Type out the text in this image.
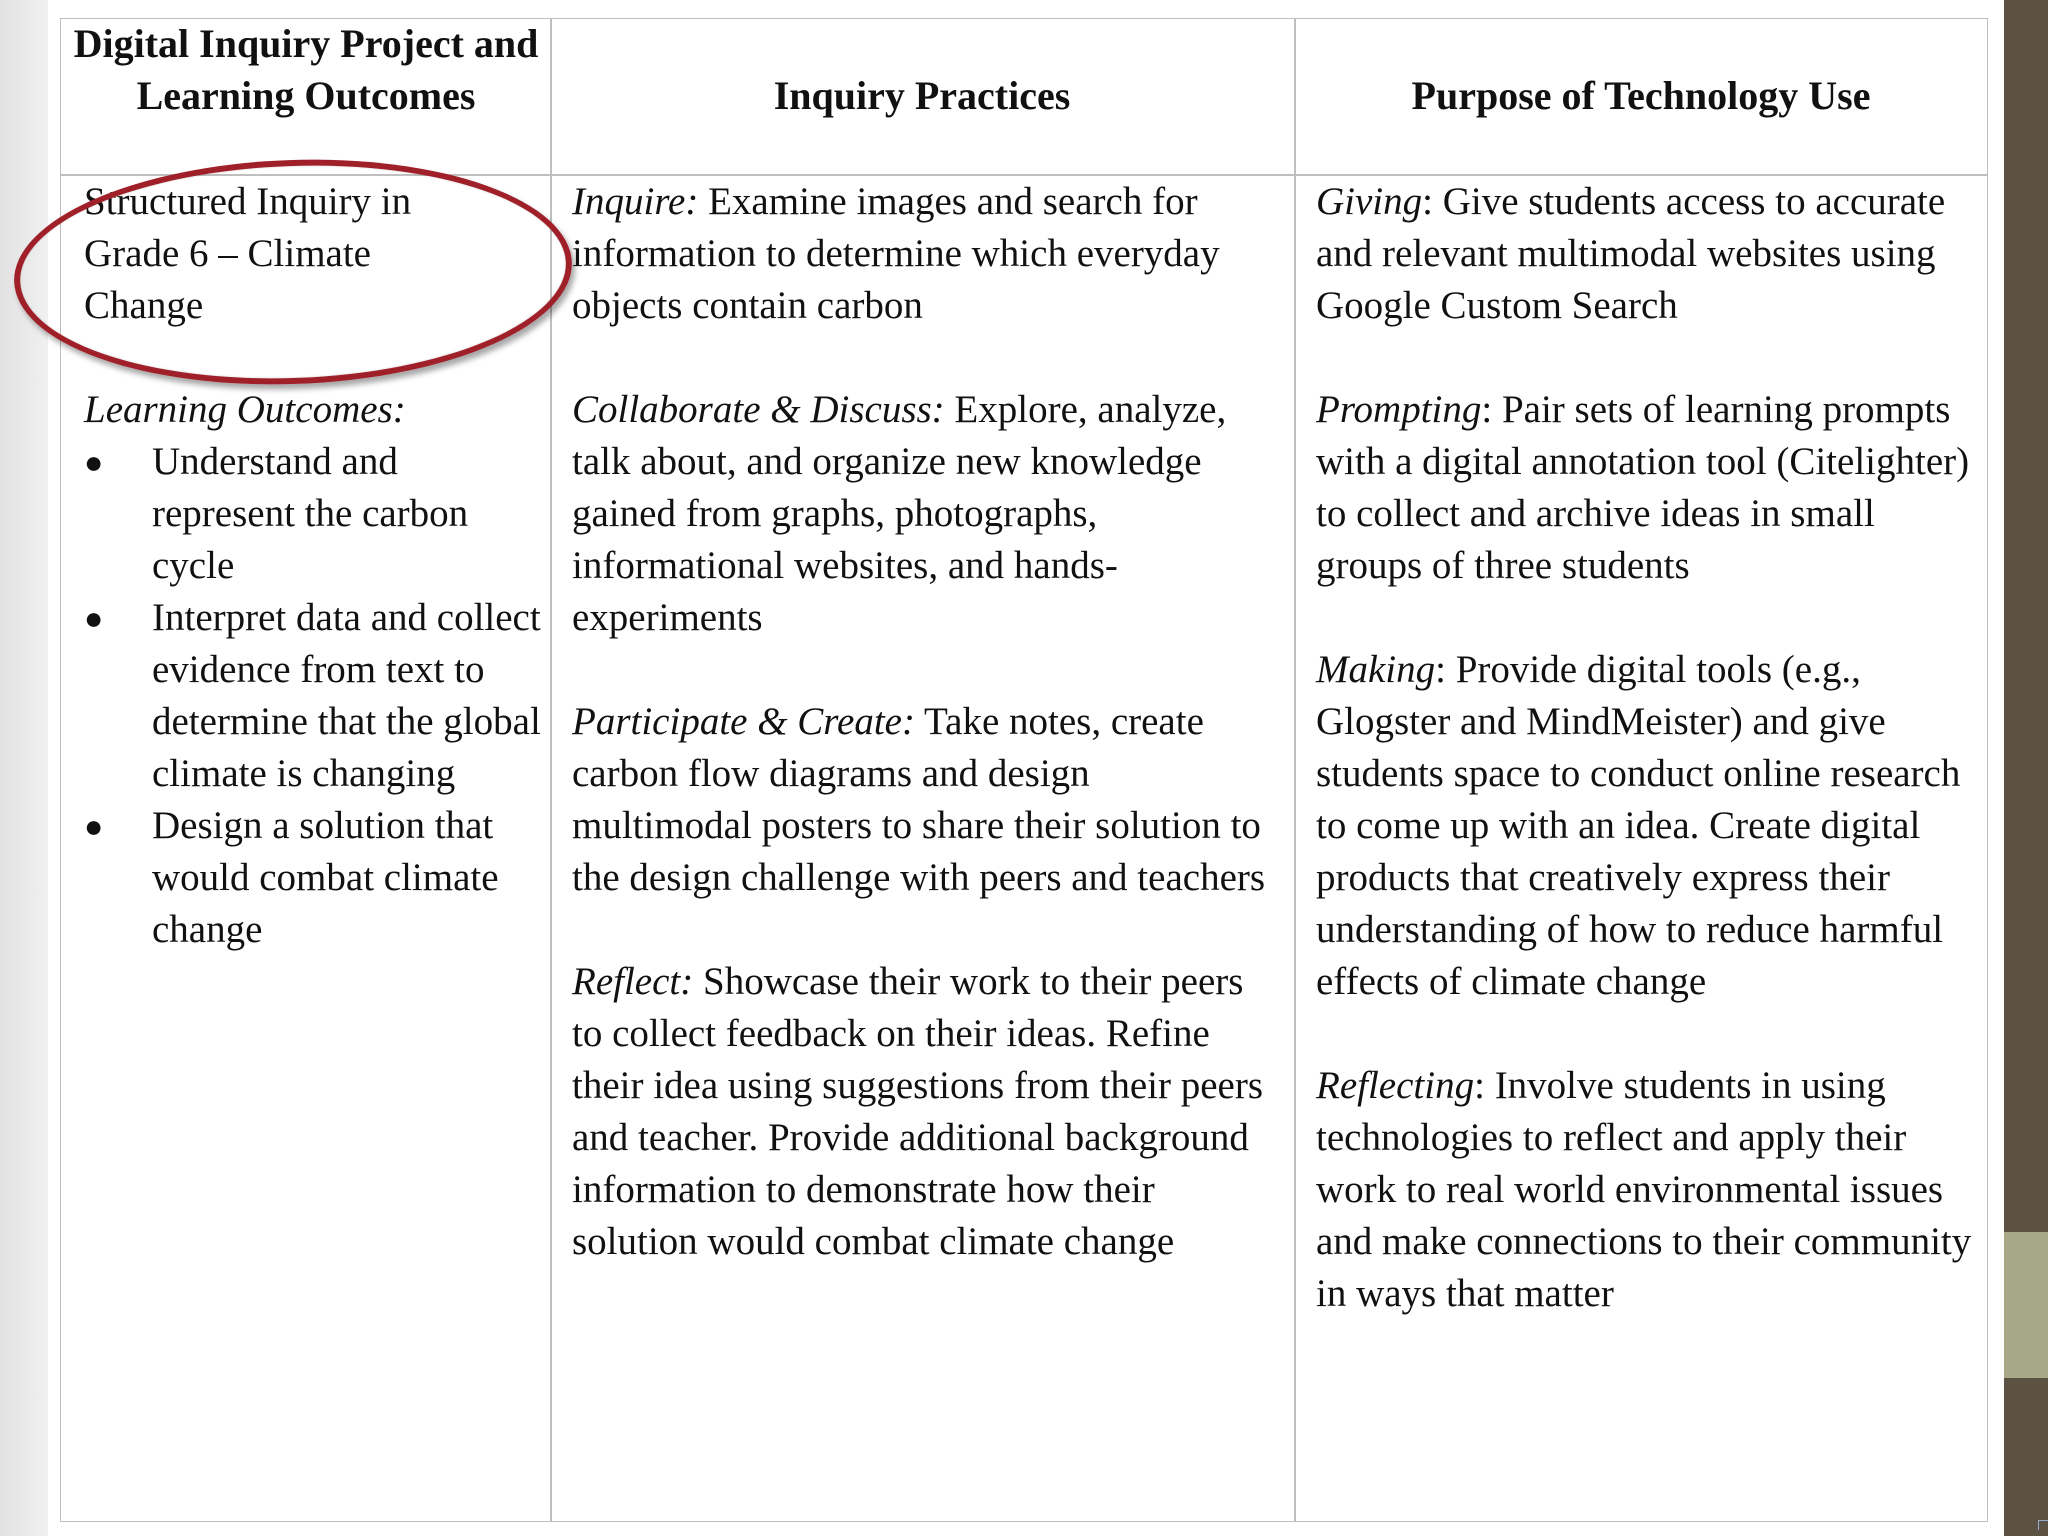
Digital Inquiry Project and Learning Outcomes	Inquiry Practices	Purpose of Technology Use

Structured Inquiry in Grade 6 – Climate Change

Learning Outcomes:

● Understand and represent the carbon cycle
● Interpret data and collect evidence from text to determine that the global climate is changing
● Design a solution that would combat climate change

Inquire: Examine images and search for information to determine which everyday objects contain carbon

Collaborate & Discuss: Explore, analyze, talk about, and organize new knowledge gained from graphs, photographs, informational websites, and hands-experiments

Participate & Create: Take notes, create carbon flow diagrams and design multimodal posters to share their solution to the design challenge with peers and teachers

Reflect: Showcase their work to their peers to collect feedback on their ideas. Refine their idea using suggestions from their peers and teacher. Provide additional background information to demonstrate how their solution would combat climate change

Giving: Give students access to accurate and relevant multimodal websites using Google Custom Search

Prompting: Pair sets of learning prompts with a digital annotation tool (Citelighter) to collect and archive ideas in small groups of three students

Making: Provide digital tools (e.g., Glogster and MindMeister) and give students space to conduct online research to come up with an idea. Create digital products that creatively express their understanding of how to reduce harmful effects of climate change

Reflecting: Involve students in using technologies to reflect and apply their work to real world environmental issues and make connections to their community in ways that matter
